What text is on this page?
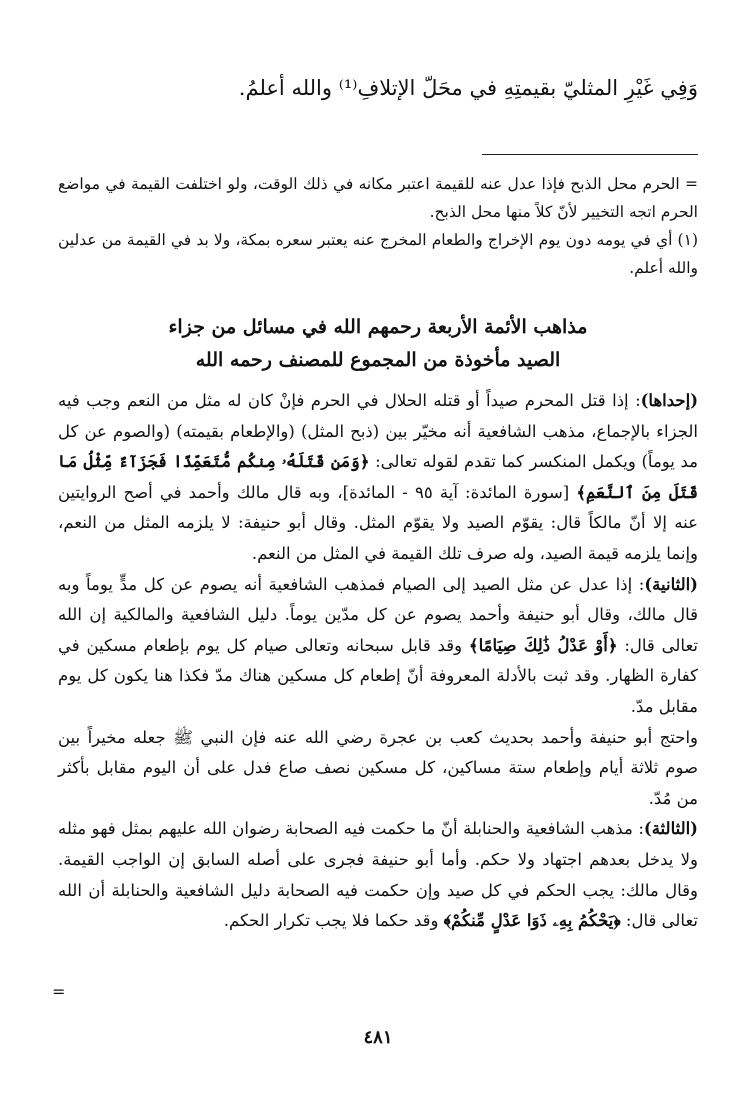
وَفِي غَيْرِ المثليّ بقيمتِهِ في محَلّ الإتلافِ⁽¹⁾ والله أعلمُ.

= الحرم محل الذبح فإذا عدل عنه للقيمة اعتبر مكانه في ذلك الوقت، ولو اختلفت القيمة في مواضع الحرم اتجه التخيير لأنّ كلاً منها محل الذبح.

(١) أي في يومه دون يوم الإخراج والطعام المخرج عنه يعتبر سعره بمكة، ولا بد في القيمة من عدلين والله أعلم.

مذاهب الأئمة الأربعة رحمهم الله في مسائل من جزاء
الصيد مأخوذة من المجموع للمصنف رحمه الله

(إحداها): إذا قتل المحرم صيداً أو قتله الحلال في الحرم فإنْ كان له مثل من النعم وجب فيه الجزاء بالإجماع، مذهب الشافعية أنه مخيّر بين (ذبح المثل) (والإطعام بقيمته) (والصوم عن كل مد يوماً) ويكمل المنكسر كما تقدم لقوله تعالى: ﴿وَمَن قَتَلَهُۥ مِنكُم مُّتَعَمِّدًا فَجَزَآءٌ مِّثْلُ مَا قَتَلَ مِنَ ٱلنَّعَمِ﴾ [سورة المائدة: آية ٩٥ - المائدة]، وبه قال مالك وأحمد في أصح الروايتين عنه إلا أنّ مالكاً قال: يقوّم الصيد ولا يقوّم المثل. وقال أبو حنيفة: لا يلزمه المثل من النعم، وإنما يلزمه قيمة الصيد، وله صرف تلك القيمة في المثل من النعم.

(الثانية): إذا عدل عن مثل الصيد إلى الصيام فمذهب الشافعية أنه يصوم عن كل مدٍّ يوماً وبه قال مالك، وقال أبو حنيفة وأحمد يصوم عن كل مدّين يوماً. دليل الشافعية والمالكية إن الله تعالى قال: ﴿أَوْ عَدْلُ ذَٰلِكَ صِيَامًا﴾ وقد قابل سبحانه وتعالى صيام كل يوم بإطعام مسكين في كفارة الظهار. وقد ثبت بالأدلة المعروفة أنّ إطعام كل مسكين هناك مدّ فكذا هنا يكون كل يوم مقابل مدّ.

واحتج أبو حنيفة وأحمد بحديث كعب بن عجرة رضي الله عنه فإن النبي ﷺ جعله مخيراً بين صوم ثلاثة أيام وإطعام ستة مساكين، كل مسكين نصف صاع فدل على أن اليوم مقابل بأكثر من مُدّ.

(الثالثة): مذهب الشافعية والحنابلة أنّ ما حكمت فيه الصحابة رضوان الله عليهم بمثل فهو مثله ولا يدخل بعدهم اجتهاد ولا حكم. وأما أبو حنيفة فجرى على أصله السابق إن الواجب القيمة. وقال مالك: يجب الحكم في كل صيد وإن حكمت فيه الصحابة دليل الشافعية والحنابلة أن الله تعالى قال: ﴿يَحْكُمُ بِهِۦ ذَوَا عَدْلٍ مِّنكُمْ﴾ وقد حكما فلا يجب تكرار الحكم.

=
٤٨١
